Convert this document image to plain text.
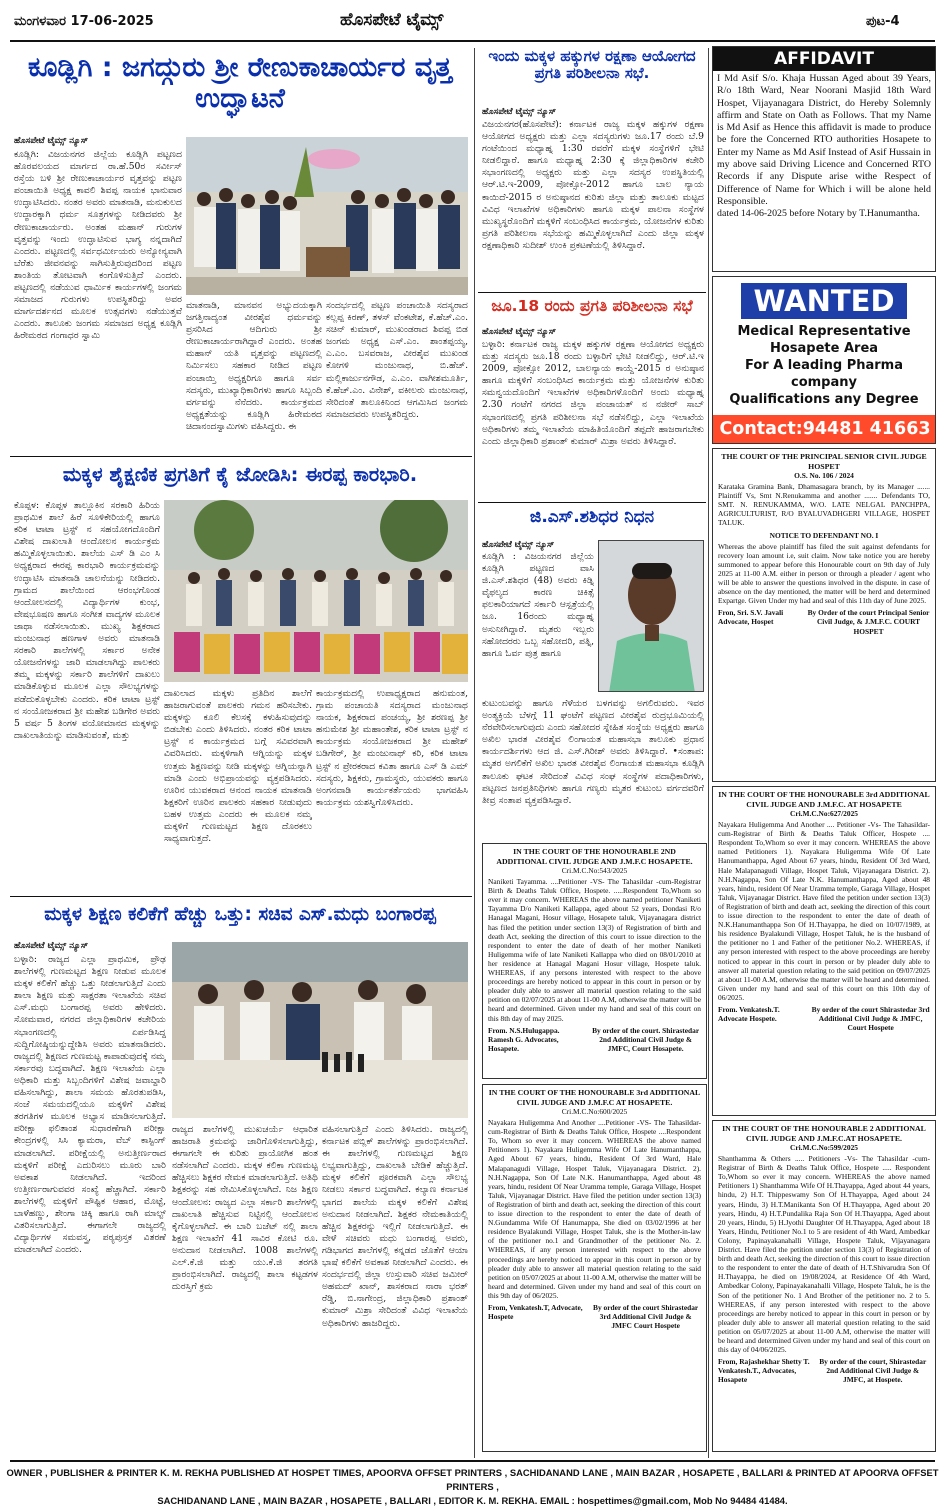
ಮಂಗಳವಾರ 17-06-2025	ಹೊಸಪೇಟೆ ಟೈಮ್ಸ್	ಪುಟ-4
ಕೂಡ್ಲಿಗಿ : ಜಗದ್ಗುರು ಶ್ರೀ ರೇಣುಕಾಚಾರ್ಯರ ವೃತ್ತ ಉದ್ಘಾಟನೆ
ಹೊಸಪೇಟೆ ಟೈಮ್ಸ್ ನ್ಯೂಸ್
ಕೂಡ್ಲಿಗಿ: ವಿಜಯನಗರ ಜಿಲ್ಲೆಯ ಕೂಡ್ಲಿಗಿ ಪಟ್ಟಣದ ಹೊರವಲಯದ ಮಾರ್ಗದ ರಾ.ಹೆ.50ರ ಸರ್ವೀಸ್ ರಸ್ತೆಯ ಬಳಿ ಶ್ರೀ ರೇಣುಕಾಚಾರ್ಯರ ವೃತ್ತವನ್ನು ಪಟ್ಟಣ ಪಂಚಾಯಿತಿ ಅಧ್ಯಕ್ಷ ಕಾವಲಿ ಶಿವಪ್ಪ ನಾಯಕ ಭಾನುವಾರ ಉದ್ಘಾಟಿಸಿದರು. ನಂತರ ಅವರು ಮಾತನಾಡಿ, ಮನುಕುಲದ ಉದ್ಧಾರಕ್ಕಾಗಿ ಧರ್ಮ ಸೂತ್ರಗಳನ್ನು ನೀಡಿದವರು ಶ್ರೀ ರೇಣುಕಾಚಾರ್ಯರು. ಅಂತಹ ಮಹಾನ್ ಗುರುಗಳ ವೃತ್ತವನ್ನು ಇಂದು ಉದ್ಘಾಟಿಸುವ ಭಾಗ್ಯ ನನ್ನದಾಗಿದೆ ಎಂದರು. ಪಟ್ಟಣದಲ್ಲಿ ಸರ್ವಧರ್ಮೀಯರು ಅನ್ಯೋನ್ಯವಾಗಿ ಬೆರೆತು ಜೀವನವನ್ನು ಸಾಗಿಸುತ್ತಿರುವುದರಿಂದ ಪಟ್ಟಣ ಶಾಂತಿಯ ತೋಟವಾಗಿ ಕಂಗೊಳಿಸುತ್ತಿದೆ ಎಂದರು. ಪಟ್ಟಣದಲ್ಲಿ ನಡೆಯುವ ಧಾರ್ಮಿಕ ಕಾರ್ಯಗಳಲ್ಲಿ ಜಂಗಮ ಸಮಾಜದ ಗುರುಗಳು ಉಪಸ್ಥಿತರಿದ್ದು ಅವರ ಮಾರ್ಗದರ್ಶನದ ಮೂಲಕ ಉತ್ಸವಗಳು ನಡೆಯುತ್ತವೆ ಎಂದರು. ತಾಲೂಕು ಜಂಗಮ ಸಮಾಜದ ಅಧ್ಯಕ್ಷ ಕೂಡ್ಲಿಗಿ ಹಿರೇಮಠದ ಗಂಗಾಧರ ಸ್ವಾಮಿ
ಮಾತನಾಡಿ, ಮಾನವನ ಅಭ್ಯುದಯಕ್ಕಾಗಿ ಜಗತ್ತಿನಾದ್ಯಂತ ವೀರಶೈವ ಧರ್ಮವನ್ನು ಪ್ರಸರಿಸಿದ ಆದಿಗುರು ಶ್ರೀ ರೇಣುಕಾಚಾರ್ಯರಾಗಿದ್ದಾರೆ ಎಂದರು. ಅಂತಹ ಮಹಾನ್ ಯತಿ ವೃತ್ತವನ್ನು ಪಟ್ಟಣದಲ್ಲಿ ನಿರ್ಮಿಸಲು ಸಹಕಾರ ನೀಡಿದ ಪಟ್ಟಣ ಪಂಚಾಯ್ತಿ ಅಧ್ಯಕ್ಷರಿಗೂ ಹಾಗೂ ಸರ್ವ ಸದಸ್ಯರು, ಮುಖ್ಯಾಧಿಕಾರಿಗಳು ಹಾಗೂ ಸಿಬ್ಬಂದಿ ವರ್ಗವನ್ನು ನೆನೆದರು. ಕಾರ್ಯಕ್ರಮದ ಅಧ್ಯಕ್ಷತೆಯನ್ನು ಕೂಡ್ಲಿಗಿ ಹಿರೇಮಠದ ಚಿದಾನಂದಸ್ವಾಮಿಗಳು ವಹಿಸಿದ್ದರು. ಈ
ಸಂದರ್ಭದಲ್ಲಿ ಪಟ್ಟಣ ಪಂಚಾಯಿತಿ ಸದಸ್ಯರಾದ ಕಲ್ಲಪ್ಪ ಕಿರಣ್, ತಳಸ್ ವೆಂಕಟೇಶ, ಕೆ.ಹೆಚ್.ಎಂ. ಸಚಿನ್ ಕುಮಾರ್, ಮುಖಂಡರಾದ ಶಿವಪ್ಪ ಬಿಡ ಜಂಗಮ ಅಧ್ಯಕ್ಷ ಎಸ್.ಎಂ. ಶಾಂತಪ್ಪಯ್ಯ, ಎ.ಎಂ. ಬಸವರಾಜ, ವೀರಶೈವ ಮುಖಂಡ ಕೋಗಳಿ ಮಂಜುನಾಥ, ಬಿ.ಹೆಚ್. ಮಲ್ಲಿಕಾರ್ಜುನಗೌಡ, ಎ.ಎಂ. ವಾಗೀಶಮೂರ್ತಿ, ಕೆ.ಹೆಚ್.ಎಂ. ವಿನೇಶ್, ವಕೀಲರು ಮಂಜುನಾಥ, ಸೇರಿದಂತೆ ತಾಲೂಕಿನಿಂದ ಆಗಮಿಸಿದ ಜಂಗಮ ಸಮಾಜದವರು ಉಪಸ್ಥಿತರಿದ್ದರು.
ಮಕ್ಕಳ ಶೈಕ್ಷಣಿಕ ಪ್ರಗತಿಗೆ ಕೈ ಜೋಡಿಸಿ: ಈರಪ್ಪ ಕಾರಭಾರಿ.
ಕೊಪ್ಪಳ: ಕೊಪ್ಪಳ ತಾಲ್ಲೂಕಿನ ಸರಕಾರಿ ಹಿರಿಯ ಪ್ರಾಥಮಿಕ ಶಾಲೆ ಹಿರೆ ಸೂಳಿಕೇರಿಯಲ್ಲಿ ಹಾಗೂ ಕರಿಕ ಟಾಟಾ ಟ್ರಸ್ಟ್ ನ ಸಹಯೋಗದೊಂದಿಗೆ ವಿಶೇಷ ದಾಖಲಾತಿ ಆಂದೋಲನ ಕಾರ್ಯಕ್ರಮ ಹಮ್ಮಿಕೊಳ್ಳಲಾಯಿತು. ಶಾಲೆಯ ಎಸ್ ಡಿ ಎಂ ಸಿ ಅಧ್ಯಕ್ಷರಾದ ಈರಪ್ಪ ಕಾರಭಾರಿ ಕಾರ್ಯಕ್ರಮವನ್ನು ಉದ್ಘಾಟಿಸಿ ಮಾತನಾಡಿ ಚಾಲನೆಯನ್ನು ನೀಡಿದರು. ಗ್ರಾಮದ ಶಾಲೆಯಿಂದ ಆರಂಭಗೊಂಡ ಆಂದೋಲನದಲ್ಲಿ ವಿದ್ಯಾರ್ಥಿಗಳ ಕುಂಭ, ವೇಷಭೂಷಣ ಹಾಗೂ ಸಂಗೀತ ವಾದ್ಯಗಳ ಮೂಲಕ ಜಾಥಾ ನಡೆಸಲಾಯಿತು. ಮುಖ್ಯ ಶಿಕ್ಷಕರಾದ ಮಂಜುನಾಥ ಹಣಗಾಳ ಅವರು ಮಾತನಾಡಿ ಸರಕಾರಿ ಶಾಲೆಗಳಲ್ಲಿ ಸರ್ಕಾರ ಅನೇಕ ಯೋಜನೆಗಳನ್ನು ಜಾರಿ ಮಾಡಲಾಗಿದ್ದು ಪಾಲಕರು ತಮ್ಮ ಮಕ್ಕಳನ್ನು ಸರ್ಕಾರಿ ಶಾಲೆಗಳಿಗೆ ದಾಖಲು ಮಾಡಿಕೊಳ್ಳುವ ಮೂಲಕ ಎಲ್ಲಾ ಸೌಲಭ್ಯಗಳನ್ನು ಪಡೆದುಕೊಳ್ಳಬೇಕು ಎಂದರು. ಕರಿಕ ಟಾಟಾ ಟ್ರಸ್ಟ್ ನ ಸಂಯೋಜಕರಾದ ಶ್ರೀ ಮಹೇಶ ಬಡಿಗೇರ ಅವರು 5 ವರ್ಷ 5 ತಿಂಗಳ ವಯೋಮಾನದ ಮಕ್ಕಳನ್ನು ದಾಖಲಾತಿಯನ್ನು ಮಾಡಿಸುವಂತೆ, ಮತ್ತು
ದಾಖಲಾದ ಮಕ್ಕಳು ಪ್ರತಿದಿನ ಶಾಲೆಗೆ ಹಾಜರಾಗುವಂತೆ ಪಾಲಕರು ಗಮನ ಹರಿಸಬೇಕು. ಮಕ್ಕಳನ್ನು ಕೂಲಿ ಕೆಲಸಕ್ಕೆ ಕಳುಹಿಸುವುದನ್ನು ಬಿಡಬೇಕು ಎಂದು ತಿಳಿಸಿದರು. ನಂತರ ಕರಿಕ ಟಾಟಾ ಟ್ರಸ್ಟ್ ನ ಕಾರ್ಯಕ್ರಮದ ಬಗ್ಗೆ ಸವಿವರವಾಗಿ ವಿವರಿಸಿದರು. ಮಕ್ಕಳಿಗಾಗಿ ಆಗ್ನಿಯನ್ನು ಮಕ್ಕಳ ಉತ್ತಮ ಶಿಕ್ಷಣವನ್ನು ನೀಡಿ ಮಕ್ಕಳನ್ನು ಆಗ್ನಿಯನ್ನಾಗಿ ಮಾಡಿ ಎಂದು ಅಭಿಪ್ರಾಯವನ್ನು ವ್ಯಕ್ತಪಡಿಸಿದರು. ಊರಿನ ಯುವಕರಾದ ಆನಂದ ನಾಯಕ ಮಾತನಾಡಿ ಶಿಕ್ಷಕರಿಗೆ ಊರಿನ ಪಾಲಕರು ಸಹಕಾರ ನೀಡುವುದು ಬಹಳ ಉತ್ತಮ ಎಂದರು ಈ ಮೂಲಕ ನಮ್ಮ ಮಕ್ಕಳಿಗೆ ಗುಣಮಟ್ಟದ ಶಿಕ್ಷಣ ದೊರಕಲು ಸಾಧ್ಯವಾಗುತ್ತದೆ.
ಕಾರ್ಯಕ್ರಮದಲ್ಲಿ ಉಪಾಧ್ಯಕ್ಷರಾದ ಹನುಮಂತ, ಗ್ರಾಮ ಪಂಚಾಯತಿ ಸದಸ್ಯರಾದ ಮಂಜುನಾಥ ನಾಯಕ, ಶಿಕ್ಷಕರಾದ ಪಂಚಯ್ಯ, ಶ್ರೀ ಶರಣಪ್ಪ ಶ್ರೀ ಹನುಮೇಶ ಶ್ರೀ ಮಹಾಂತೇಶ, ಕರಿಕ ಟಾಟಾ ಟ್ರಸ್ಟ್ ನ ಕಾರ್ಯಕ್ರಮ ಸಂಯೋಜಕರಾದ ಶ್ರೀ ಮಹೇಶ್ ಬಡಿಗೇರ್, ಶ್ರೀ ಮಂಜುನಾಥ್ ಕರಿ, ಕರಿಕ ಟಾಟಾ ಟ್ರಸ್ಟ್ ನ ಪ್ರೇರಕರಾದ ಕವಿತಾ ಹಾಗೂ ಎಸ್ ಡಿ ಎಮ್ ಸದಸ್ಯರು, ಶಿಕ್ಷಕರು, ಗ್ರಾಮಸ್ಥರು, ಯುವಕರು ಹಾಗೂ ಅಂಗನವಾಡಿ ಕಾರ್ಯಕರ್ತೆಯರು ಭಾಗವಹಿಸಿ ಕಾರ್ಯಕ್ರಮ ಯಶಸ್ವಿಗೊಳಿಸಿದರು.
IN THE COURT OF THE HONOURABLE 2ND ADDITIONAL CIVIL JUDGE AND J.M.F.C HOSAPETE.
Cri.M.C.No:543/2025

Naniketi Tayamma. ....Petitioner -VS- The Tahasildar -cum-Registrar Birth & Deaths Taluk Office, Hospete. .....Respondent To,Whom so ever it may concern. WHEREAS the above named petitioner Naniketi Tayamma D/o Naniketi Kallappa, aged about 52 years, Dondasi R/o Hanagal Magani, Hosur village, Hosapete taluk, Vijayanagara district has filed the petition under section 13(3) of Registration of birth and death Act, seeking the direction of this court to issue direction to the respondent to enter the date of death of her mother Naniketi Huligemma wife of late Naniketi Kallappa who died on 08/01/2010 at her residence at Hanagal Magani Hosur village, Hospete taluk. WHEREAS, if any persons interested with respect to the above proceedings are hereby noticed to appear in this court in person or by pleader duly able to answer all material question relating to the said petition on 02/07/2025 at about 11-00 A.M, otherwise the matter will be heard and determined. Given under my hand and seal of this court on this 8th day of may 2025.

From. N.S.Hulugappa. Ramesh G. Advocates, Hosapete.
By order of the court. Shirastedar 2nd Additional Civil Judge & JMFC, Court Hosapete.
ಮಕ್ಕಳ ಶಿಕ್ಷಣ ಕಲಿಕೆಗೆ ಹೆಚ್ಚು ಒತ್ತು: ಸಚಿವ ಎಸ್.ಮಧು ಬಂಗಾರಪ್ಪ
ಹೊಸಪೇಟೆ ಟೈಮ್ಸ್ ನ್ಯೂಸ್
ಬಳ್ಳಾರಿ: ರಾಜ್ಯದ ಎಲ್ಲಾ ಪ್ರಾಥಮಿಕ, ಪ್ರೌಢ ಶಾಲೆಗಳಲ್ಲಿ ಗುಣಮಟ್ಟದ ಶಿಕ್ಷಣ ನೀಡುವ ಮೂಲಕ ಮಕ್ಕಳ ಕಲಿಕೆಗೆ ಹೆಚ್ಚು ಒತ್ತು ನೀಡಲಾಗುತ್ತಿದೆ ಎಂದು ಶಾಲಾ ಶಿಕ್ಷಣ ಮತ್ತು ಸಾಕ್ಷರತಾ ಇಲಾಖೆಯ ಸಚಿವ ಎಸ್.ಮಧು ಬಂಗಾರಪ್ಪ ಅವರು ಹೇಳಿದರು. ಸೋಮವಾರ, ನಗರದ ಜಿಲ್ಲಾಧಿಕಾರಿಗಳ ಕಚೇರಿಯ ಸಭಾಂಗಣದಲ್ಲಿ ಏರ್ಪಡಿಸಿದ್ದ ಸುದ್ದಿಗೋಷ್ಠಿಯನ್ನುದ್ದೇಶಿಸಿ ಅವರು ಮಾತನಾಡಿದರು. ರಾಜ್ಯದಲ್ಲಿ ಶಿಕ್ಷಣದ ಗುಣಮಟ್ಟ ಕಾಪಾಡುವುದಕ್ಕೆ ನಮ್ಮ ಸರ್ಕಾರವು ಬದ್ಧವಾಗಿದೆ. ಶಿಕ್ಷಣ ಇಲಾಖೆಯ ಎಲ್ಲಾ ಅಧಿಕಾರಿ ಮತ್ತು ಸಿಬ್ಬಂದಿಗಳಿಗೆ ವಿಶೇಷ ಜವಾಬ್ದಾರಿ ವಹಿಸಲಾಗಿದ್ದು, ಶಾಲಾ ಸಮಯ ಹೊರತುಪಡಿಸಿ, ಸಂಜೆ ಸಮಯದಲ್ಲಿಯೂ ಮಕ್ಕಳಿಗೆ ವಿಶೇಷ ತರಗತಿಗಳ ಮೂಲಕ ಅಭ್ಯಾಸ ಮಾಡಿಸಲಾಗುತ್ತಿದೆ. ಪರೀಕ್ಷಾ ಫಲಿತಾಂಶ ಸುಧಾರಣೆಗಾಗಿ ಪರೀಕ್ಷಾ ಕೇಂದ್ರಗಳಲ್ಲಿ ಸಿಸಿ ಕ್ಯಾಮರಾ, ವೆಬ್ ಕಾಸ್ಟಿಂಗ್ ಮಾಡಲಾಗಿದೆ. ಪರೀಕ್ಷೆಯಲ್ಲಿ ಅನುತ್ತೀರ್ಣರಾದ ಮಕ್ಕಳಿಗೆ ಪರೀಕ್ಷೆ ಎದುರಿಸಲು ಮೂರು ಬಾರಿ ಅವಕಾಶ ನೀಡಲಾಗಿದೆ. ಇದರಿಂದ ಉತ್ತೀರ್ಣರಾಗುವವರ ಸಂಖ್ಯೆ ಹೆಚ್ಚಾಗಿದೆ. ಸರ್ಕಾರಿ ಶಾಲೆಗಳಲ್ಲಿ ಮಕ್ಕಳಿಗೆ ಪೌಷ್ಟಿಕ ಆಹಾರ, ಮೊಟ್ಟೆ, ಬಾಳೆಹಣ್ಣು, ಶೇಂಗಾ ಚಿಕ್ಕಿ ಹಾಗೂ ರಾಗಿ ಮಾಲ್ಟ್ ವಿತರಿಸಲಾಗುತ್ತಿದೆ. ಈಗಾಗಲೇ ರಾಜ್ಯದಲ್ಲಿ ವಿದ್ಯಾರ್ಥಿಗಳ ಸಮವಸ್ತ್ರ, ಪಠ್ಯಪುಸ್ತಕ ವಿತರಣೆ ಮಾಡಲಾಗಿದೆ ಎಂದರು.
ರಾಜ್ಯದ ಶಾಲೆಗಳಲ್ಲಿ ಮುಖಚರ್ಯೆ ಆಧಾರಿತ ಹಾಜರಾತಿ ಕ್ರಮವನ್ನು ಜಾರಿಗೊಳಿಸಲಾಗುತ್ತಿದ್ದು, ಈಗಾಗಲೇ ಈ ಕುರಿತು ಪ್ರಾಯೋಗಿಕ ಹಂತ ನಡೆಸಲಾಗಿದೆ ಎಂದರು. ಮಕ್ಕಳ ಕಲಿಕಾ ಗುಣಮಟ್ಟ ಹೆಚ್ಚಿಸಲು ಶಿಕ್ಷಕರ ನೇಮಕ ಮಾಡಲಾಗುತ್ತಿದೆ. ಅತಿಥಿ ಶಿಕ್ಷಕರನ್ನು ಸಹ ನೇಮಿಸಿಕೊಳ್ಳಲಾಗಿದೆ. ನಿಜ ಶಿಕ್ಷಣ ಆಂದೋಲನ: ರಾಜ್ಯದ ಎಲ್ಲಾ ಸರ್ಕಾರಿ ಶಾಲೆಗಳಲ್ಲಿ ದಾಖಲಾತಿ ಹೆಚ್ಚಿಸುವ ನಿಟ್ಟಿನಲ್ಲಿ ಆಂದೋಲನ ಕೈಗೊಳ್ಳಲಾಗಿದೆ. ಈ ಬಾರಿ ಬಜೆಟ್ ನಲ್ಲಿ ಶಾಲಾ ಶಿಕ್ಷಣ ಇಲಾಖೆಗೆ 41 ಸಾವಿರ ಕೋಟಿ ರೂ. ಅನುದಾನ ನೀಡಲಾಗಿದೆ. 1008 ಶಾಲೆಗಳಲ್ಲಿ ಎಲ್.ಕೆ.ಜಿ ಮತ್ತು ಯು.ಕೆ.ಜಿ ತರಗತಿ ಪ್ರಾರಂಭಿಸಲಾಗಿದೆ. ರಾಜ್ಯದಲ್ಲಿ ಶಾಲಾ ಕಟ್ಟಡಗಳ ದುರಸ್ತಿಗೆ ಕ್ರಮ
ವಹಿಸಲಾಗುತ್ತಿದೆ ಎಂದು ತಿಳಿಸಿದರು. ರಾಜ್ಯದಲ್ಲಿ ಕರ್ನಾಟಕ ಪಬ್ಲಿಕ್ ಶಾಲೆಗಳನ್ನು ಪ್ರಾರಂಭಿಸಲಾಗಿದೆ. ಈ ಶಾಲೆಗಳಲ್ಲಿ ಗುಣಮಟ್ಟದ ಶಿಕ್ಷಣ ಲಭ್ಯವಾಗುತ್ತಿದ್ದು, ದಾಖಲಾತಿ ಬೇಡಿಕೆ ಹೆಚ್ಚುತ್ತಿದೆ. ಮಕ್ಕಳ ಕಲಿಕೆಗೆ ಪೂರಕವಾಗಿ ಎಲ್ಲಾ ಸೌಲಭ್ಯ ನೀಡಲು ಸರ್ಕಾರ ಬದ್ಧವಾಗಿದೆ. ಕಲ್ಯಾಣ ಕರ್ನಾಟಕ ಭಾಗದ ಶಾಲೆಯ ಮಕ್ಕಳ ಕಲಿಕೆಗೆ ವಿಶೇಷ ಅನುದಾನ ನೀಡಲಾಗಿದೆ. ಶಿಕ್ಷಕರ ನೇಮಕಾತಿಯಲ್ಲಿ ಹೆಚ್ಚಿನ ಶಿಕ್ಷಕರನ್ನು ಇಲ್ಲಿಗೆ ನೀಡಲಾಗುತ್ತಿದೆ. ಈ ವೇಳೆ ಸಚಿವರು ಮಧು ಬಂಗಾರಪ್ಪ ಅವರು, ಗಡಿಭಾಗದ ಶಾಲೆಗಳಲ್ಲಿ ಕನ್ನಡದ ಜೊತೆಗೆ ಆಯಾ ಭಾಷೆ ಕಲಿಕೆಗೆ ಅವಕಾಶ ನೀಡಲಾಗಿದೆ ಎಂದರು. ಈ ಸಂದರ್ಭದಲ್ಲಿ ಜಿಲ್ಲಾ ಉಸ್ತುವಾರಿ ಸಚಿವ ಜಮೀರ್ ಅಹಮದ್ ಖಾನ್, ಶಾಸಕರಾದ ನಾರಾ ಭರತ್ ರೆಡ್ಡಿ, ಬಿ.ನಾಗೇಂದ್ರ, ಜಿಲ್ಲಾಧಿಕಾರಿ ಪ್ರಶಾಂತ್ ಕುಮಾರ್ ಮಿಶ್ರಾ ಸೇರಿದಂತೆ ವಿವಿಧ ಇಲಾಖೆಯ ಅಧಿಕಾರಿಗಳು ಹಾಜರಿದ್ದರು.
ಇಂದು ಮಕ್ಕಳ ಹಕ್ಕುಗಳ ರಕ್ಷಣಾ ಆಯೋಗದ ಪ್ರಗತಿ ಪರಿಶೀಲನಾ ಸಭೆ.
ಹೊಸಪೇಟೆ ಟೈಮ್ಸ್ ನ್ಯೂಸ್
ವಿಜಯನಗರ(ಹೊಸಪೇಟೆ): ಕರ್ನಾಟಕ ರಾಜ್ಯ ಮಕ್ಕಳ ಹಕ್ಕುಗಳ ರಕ್ಷಣಾ ಆಯೋಗದ ಅಧ್ಯಕ್ಷರು ಮತ್ತು ಎಲ್ಲಾ ಸದಸ್ಯರುಗಳು ಜೂ.17 ರಂದು ಬೆ.9 ಗಂಟೆಯಿಂದ ಮಧ್ಯಾಹ್ನ 1:30 ರವರೆಗೆ ಮಕ್ಕಳ ಸಂಸ್ಥೆಗಳಿಗೆ ಭೇಟಿ ನೀಡಲಿದ್ದಾರೆ. ಹಾಗೂ ಮಧ್ಯಾಹ್ನ 2:30 ಕ್ಕೆ ಜಿಲ್ಲಾಧಿಕಾರಿಗಳ ಕಚೇರಿ ಸಭಾಂಗಣದಲ್ಲಿ ಅಧ್ಯಕ್ಷರು ಮತ್ತು ಎಲ್ಲಾ ಸದಸ್ಯರ ಉಪಸ್ಥಿತಿಯಲ್ಲಿ ಆರ್.ಟಿ.ಇ-2009, ಪೋಕ್ಸೋ-2012 ಹಾಗೂ ಬಾಲ ನ್ಯಾಯ ಕಾಯಿದೆ-2015 ರ ಅನುಷ್ಠಾನದ ಕುರಿತು ಜಿಲ್ಲಾ ಮತ್ತು ತಾಲೂಕು ಮಟ್ಟದ ವಿವಿಧ ಇಲಾಖೆಗಳ ಅಧಿಕಾರಿಗಳು ಹಾಗೂ ಮಕ್ಕಳ ಪಾಲನಾ ಸಂಸ್ಥೆಗಳ ಮುಖ್ಯಸ್ಥರೊಂದಿಗೆ ಮಕ್ಕಳಿಗೆ ಸಂಬಂಧಿಸಿದ ಕಾರ್ಯಕ್ರಮ, ಯೋಜನೆಗಳ ಕುರಿತು ಪ್ರಗತಿ ಪರಿಶೀಲನಾ ಸಭೆಯನ್ನು ಹಮ್ಮಿಕೊಳ್ಳಲಾಗಿದೆ ಎಂದು ಜಿಲ್ಲಾ ಮಕ್ಕಳ ರಕ್ಷಣಾಧಿಕಾರಿ ಸುದೀಶ್ ಉಂಕಿ ಪ್ರಕಟಣೆಯಲ್ಲಿ ತಿಳಿಸಿದ್ದಾರೆ.
ಜೂ.18 ರಂದು ಪ್ರಗತಿ ಪರಿಶೀಲನಾ ಸಭೆ
ಹೊಸಪೇಟೆ ಟೈಮ್ಸ್ ನ್ಯೂಸ್
ಬಳ್ಳಾರಿ: ಕರ್ನಾಟಕ ರಾಜ್ಯ ಮಕ್ಕಳ ಹಕ್ಕುಗಳ ರಕ್ಷಣಾ ಆಯೋಗದ ಅಧ್ಯಕ್ಷರು ಮತ್ತು ಸದಸ್ಯರು ಜೂ.18 ರಂದು ಬಳ್ಳಾರಿಗೆ ಭೇಟಿ ನೀಡಲಿದ್ದು, ಆರ್.ಟಿ.ಇ 2009, ಪೋಕ್ಸೋ 2012, ಬಾಲನ್ಯಾಯ ಕಾಯ್ದೆ-2015 ರ ಅನುಷ್ಠಾನ ಹಾಗೂ ಮಕ್ಕಳಿಗೆ ಸಂಬಂಧಿಸಿದ ಕಾರ್ಯಕ್ರಮ ಮತ್ತು ಯೋಜನೆಗಳ ಕುರಿತು ಸಮನ್ವಯದೊಂದಿಗೆ ಇಲಾಖೆಗಳ ಅಧಿಕಾರಿಗಳೊಂದಿಗೆ ಅಂದು ಮಧ್ಯಾಹ್ನ 2.30 ಗಂಟೆಗೆ ನಗರದ ಜಿಲ್ಲಾ ಪಂಚಾಯತ್ ನ ನಜೀರ್ ಸಾಬ್ ಸಭಾಂಗಣದಲ್ಲಿ ಪ್ರಗತಿ ಪರಿಶೀಲನಾ ಸಭೆ ನಡೆಸಲಿದ್ದು, ಎಲ್ಲಾ ಇಲಾಖೆಯ ಅಧಿಕಾರಿಗಳು ತಮ್ಮ ಇಲಾಖೆಯ ಮಾಹಿತಿಯೊಂದಿಗೆ ತಪ್ಪದೇ ಹಾಜರಾಗಬೇಕು ಎಂದು ಜಿಲ್ಲಾಧಿಕಾರಿ ಪ್ರಶಾಂತ್ ಕುಮಾರ್ ಮಿಶ್ರಾ ಅವರು ತಿಳಿಸಿದ್ದಾರೆ.
ಜಿ.ಎಸ್.ಶಶಿಧರ ನಿಧನ
ಹೊಸಪೇಟೆ ಟೈಮ್ಸ್ ನ್ಯೂಸ್
ಕೂಡ್ಲಿಗಿ : ವಿಜಯನಗರ ಜಿಲ್ಲೆಯ ಕೂಡ್ಲಿಗಿ ಪಟ್ಟಣದ ವಾಸಿ ಜಿ.ಎಸ್.ಶಶಿಧರ (48) ಅವರು ಕಿಡ್ನಿ ವೈಫಲ್ಯದ ಕಾರಣ ಚಿಕಿತ್ಸೆ ಫಲಕಾರಿಯಾಗದೆ ಸರ್ಕಾರಿ ಆಸ್ಪತ್ರೆಯಲ್ಲಿ ಜೂ. 16ರಂದು ಮಧ್ಯಾಹ್ನ ಅಸುನೀಗಿದ್ದಾರೆ. ಮೃತರು ಇಬ್ಬರು ಸಹೋದರರು ಒಬ್ಬ ಸಹೋದರಿ, ಪತ್ನಿ, ಹಾಗೂ ಓರ್ವ ಪುತ್ರ ಹಾಗೂ
ಕುಟುಂಬವನ್ನು ಹಾಗೂ ಗೆಳೆಯರ ಬಳಗವನ್ನು ಅಗಲಿರುವರು. ಇವರ ಅಂತ್ಯಕ್ರಿಯೆ ಬೆಳಗ್ಗೆ 11 ಘಂಟೆಗೆ ಪಟ್ಟಣದ ವೀರಶೈವ ರುದ್ರಭೂಮಿಯಲ್ಲಿ ನೆರವೇರಿಸಲಾಗುವುದು ಎಂದು ಸಹೋದರ ಸ್ನೇಹಿತ ಸಂಸ್ಥೆಯ ಅಧ್ಯಕ್ಷರು ಹಾಗೂ ಅಖಿಲ ಭಾರತ ವೀರಶೈವ ಲಿಂಗಾಯತ ಮಹಾಸಭಾ ತಾಲೂಕು ಪ್ರಧಾನ ಕಾರ್ಯದರ್ಶಿಗಳು ಆದ ಜಿ. ಎಸ್.ಗಿರೀಶ್ ಅವರು ತಿಳಿಸಿದ್ದಾರೆ. •ಸಂತಾಪ: ಮೃತರ ಅಗಲಿಕೆಗೆ ಅಖಿಲ ಭಾರತ ವೀರಶೈವ ಲಿಂಗಾಯತ ಮಹಾಸಭಾ ಕೂಡ್ಲಿಗಿ ತಾಲೂಕು ಘಟಕ ಸೇರಿದಂತೆ ವಿವಿಧ ಸಂಘ ಸಂಸ್ಥೆಗಳ ಪದಾಧಿಕಾರಿಗಳು, ಪಟ್ಟಣದ ಜನಪ್ರತಿನಿಧಿಗಳು ಹಾಗೂ ಗಣ್ಯರು ಮೃತರ ಕುಟುಂಬ ವರ್ಗದವರಿಗೆ ತೀವ್ರ ಸಂತಾಪ ವ್ಯಕ್ತಪಡಿಸಿದ್ದಾರೆ.
IN THE COURT OF THE HONOURABLE 3rd ADDITIONAL CIVIL JUDGE AND J.M.F.C AT HOSAPETE.
Cri.M.C.No:600/2025

Nayakara Huligemma And Another ....Petitioner -VS- The Tahasildar-cum-Registrar of Birth & Deaths Taluk Office, Hospete ....Respondent To, Whom so ever it may concern. WHEREAS the above named Petitioners 1). Nayakara Huligemma Wife Of Late Hanumanthappa, Aged About 67 years, hindu, Resident Of 3rd Ward, Hale Malapanagudi Village, Hospet Taluk, Vijayanagara District. 2). N.H.Nagappa, Son Of Late N.K. Hanumanthappa, Aged about 48 years, hindu, resident Of Near Uramma temple, Garaga Village, Hospet Taluk, Vijayanagar District. Have filed the petition under section 13(3) of Registration of birth and death act, seeking the direction of this court to issue direction to the respondent to enter the date of death of N.Gundamma Wife Of Hanumappa, She died on 03/02/1996 at her residence Byalakundi Village, Hospet Taluk, she is the Mother-in-law of the petitioner no.1 and Grandmother of the petitioner No. 2. WHEREAS, if any person interested with respect to the above proceedings are hereby noticed to appear in this court in person or by pleader duly able to answer all material question relating to the said petition on 05/07/2025 at about 11-00 A.M, otherwise the matter will be heard and determined. Given under my hand and seal of this court on this 9th day of 06/2025.

From, Venkatesh.T, Advocate, Hospete
By order of the court Shirastedar 3rd Additional Civil Judge & JMFC Court Hospete
AFFIDAVIT
I Md Asif S/o. Khaja Hussan Aged about 39 Years, R/o 18th Ward, Near Noorani Masjid 18th Ward Hospet, Vijayanagara District, do Hereby Solemnly affirm and State on Oath as Follows. That my Name is Md Asif as Hence this affidavit is made to produce be fore the Concerned RTO authorities Hosapete to Enter my Name as Md Asif Instead of Asif Hussain in my above said Driving Licence and Concerned RTO Records if any Dispute arise withe Respect of Difference of Name for Which i will be alone held Responsible.
dated 14-06-2025 before Notary by T.Hanumantha.
WANTED
Medical Representative
Hosapete Area
For A leading Pharma company
Qualifications any Degree
Contact:94481 41663
THE COURT OF THE PRINCIPAL SENIOR CIVIL JUDGE HOSPET
O.S. No. 106 / 2024

Karataka Gramina Bank, Dhamasagara branch, by its Manager ....... Plaintiff Vs, Smt N.Renukamma and another ....... Defendants TO, SMT. N. RENUKAMMA, W/O. LATE NELGAL PANCHPPA, AGRICULTURIST, R/O BYALUVADHGERI VILLAGE, HOSPET TALUK.

NOTICE TO DEFENDANT NO. I

Whereas the above plaintiff has filed the suit against defendants for recovery loan amount i.e, suit claim. Now take notice you are hereby summoned to appear before this Honourable court on 9th day of July 2025 at 11-00 A.M. either in person or through a pleader / agent who will be able to answer the questions involved in the dispute. in case of absence on the day mentioned, the matter will be herd and determined Expartge. Given Under my had and seal of this 11th day of June 2025.

Fron, Sri. S.V. Javali Advocate, Hospet
By Order of the court Principal Senior Civil Judge, & J.M.F.C. COURT HOSPET
IN THE COURT OF THE HONOURABLE 3rd ADDITIONAL CIVIL JUDGE AND J.M.F.C. AT HOSAPETE
Cri.M.C.No:627/2025

Nayakara Huligemma And Another .... Petitioner -Vs- The Tahasildar-cum-Registrar of Birth & Deaths Taluk Officer, Hospete .... Respondent To,Whom so ever it may concern. WHEREAS the above named Petitioners 1). Nayakara Huligemma Wife Of Late Hanumanthappa, Aged About 67 years, hindu, Resident Of 3rd Ward, Hale Malapanagudi Village, Hospet Taluk, Vijayanagara District. 2). N.H.Nagappa, Son Of Late N.K. Hanumanthappa, Aged about 48 years, hindu, resident Of Near Uramma temple, Garaga Village, Hospet Taluk, Vijayanagar District. Have filed the petition under section 13(3) of Registration of birth and death act, seeking the direction of this court to issue direction to the respondent to enter the date of death of N.K.Hanumanthappa Son Of H.Thayappa, he died on 10/07/1989, at his residence Byalakundi Village, Hospet Taluk, he is the husband of the petitioner no 1 and Father of the petitioner No.2. WHEREAS, if any person interested with respect to the above proceedings are hereby noticed to appear in this court in person or by pleader duly able to answer all material question relating to the said petition on 09/07/2025 at about 11-00 A.M, otherwise the matter will be heard and determined. Given under my hand and seal of this court on this 10th day of 06/2025.

From. Venkatesh.T. Advocate Hospete.
By order of the court Shirastedar 3rd Additional Civil Judge & JMFC, Court Hospete
IN THE COURT OF THE HONOURABLE 2 ADDITIONAL CIVIL JUDGE AND J.M.F.C.AT HOSAPETE.
Cri.M.C.No:599/2025

Shanthamma & Others ..... Petitioners -Vs- The Tahasildar -cum-Registrar of Birth & Deaths Taluk Office, Hospete ..... Respondent To,Whom so ever it may concern. WHEREAS the above named Petitioners 1) Shanthamma Wife Of H.Thayappa, Aged about 44 years, hindu, 2) H.T. Thippeswamy Son Of H.Thayappa, Aged about 24 years, Hindu, 3) H.T.Manikanta Son Of H.Thayappa, Aged about 20 years, Hindu, 4) H.T.Pundalika Raja Son Of H.Thayappa, Aged about 20 years, Hindu, 5) H.Jyothi Daughter Of H.Thayappa, Aged about 18 Years, Hindu, Petitioner No.1 to 5 are resident of 4th Ward, Ambedkar Colony, Papinayakanahalli Village, Hospete Taluk, Vijayanagara District. Have filed the petition under section 13(3) of Registration of birth and death Act, seeking the direction of this court to issue direction to the respondent to enter the date of death of H.T.Shivarudra Son Of H.Thayappa, he died on 19/08/2024, at Residence Of 4th Ward, Ambedkar Colony, Papinayakanahalli Village, Hospete Taluk, he is the Son of the petitioner No. 1 And Brother of the petitioner no. 2 to 5. WHEREAS, if any person interested with respect to the above proceedings are hereby noticed to appear in this court in person or by pleader duly able to answer all material question relating to the said petition on 05/07/2025 at about 11-00 A.M, otherwise the matter will be heard and determined Given under my hand and seal of this court on this day of 04/06/2025.

From, Rajashekhar Shetty T. Venkatesh.T., Advocates, Hosapete
By order of the court, Shirastedar 2nd Additional Civil Judge & JMFC, at Hospete.
OWNER , PUBLISHER & PRINTER K. M. REKHA PUBLISHED AT HOSPET TIMES, APOORVA OFFSET PRINTERS , SACHIDANAND LANE , MAIN BAZAR , HOSAPETE , BALLARI & PRINTED AT APOORVA OFFSET PRINTERS ,
SACHIDANAND LANE , MAIN BAZAR , HOSAPETE , BALLARI , EDITOR K. M. REKHA. EMAIL : hospettimes@gmail.com, Mob No 94484 41484.
